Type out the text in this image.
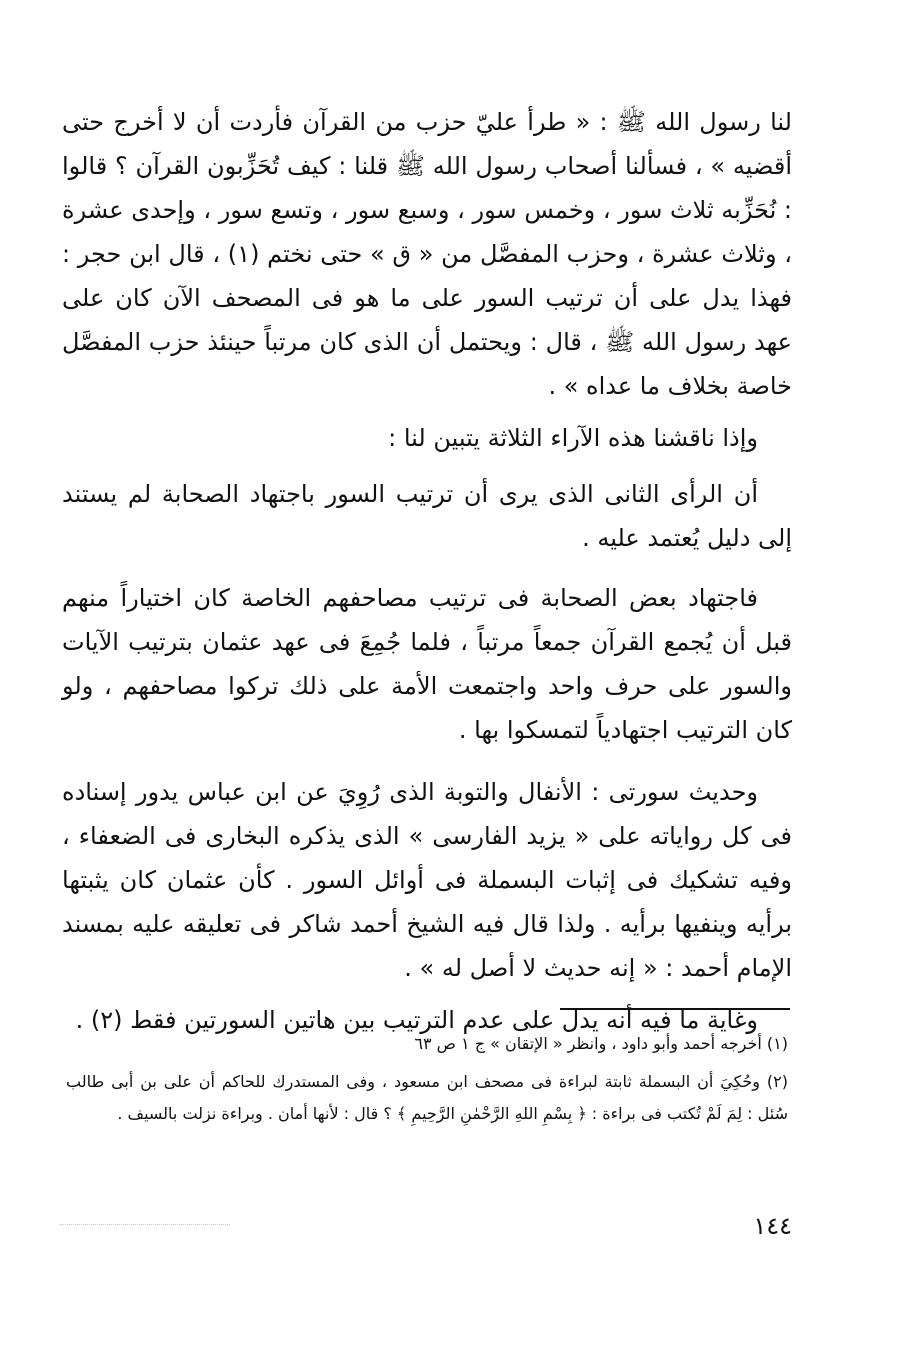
لنا رسول الله ﷺ : « طرأ عليّ حزب من القرآن فأردت أن لا أخرج حتى أقضيه » ، فسألنا أصحاب رسول الله ﷺ قلنا : كيف تُحَزِّبون القرآن ؟ قالوا : نُحَزِّبه ثلاث سور ، وخمس سور ، وسبع سور ، وتسع سور ، وإحدى عشرة ، وثلاث عشرة ، وحزب المفصَّل من « ق » حتى نختم (١) ، قال ابن حجر : فهذا يدل على أن ترتيب السور على ما هو فى المصحف الآن كان على عهد رسول الله ﷺ ، قال : ويحتمل أن الذى كان مرتباً حينئذ حزب المفصَّل خاصة بخلاف ما عداه » .

وإذا ناقشنا هذه الآراء الثلاثة يتبين لنا :

أن الرأى الثانى الذى يرى أن ترتيب السور باجتهاد الصحابة لم يستند إلى دليل يُعتمد عليه .

فاجتهاد بعض الصحابة فى ترتيب مصاحفهم الخاصة كان اختياراً منهم قبل أن يُجمع القرآن جمعاً مرتباً ، فلما جُمِعَ فى عهد عثمان بترتيب الآيات والسور على حرف واحد واجتمعت الأمة على ذلك تركوا مصاحفهم ، ولو كان الترتيب اجتهادياً لتمسكوا بها .

وحديث سورتى : الأنفال والتوبة الذى رُوِيَ عن ابن عباس يدور إسناده فى كل رواياته على « يزيد الفارسى » الذى يذكره البخارى فى الضعفاء ، وفيه تشكيك فى إثبات البسملة فى أوائل السور . كأن عثمان كان يثبتها برأيه وينفيها برأيه . ولذا قال فيه الشيخ أحمد شاكر فى تعليقه عليه بمسند الإمام أحمد : « إنه حديث لا أصل له » .

وغاية ما فيه أنه يدل على عدم الترتيب بين هاتين السورتين فقط (٢) .

(١) أخرجه أحمد وأبو داود ، وانظر « الإتقان » ج ١ ص ٦٣

(٢) وحُكِيَ أن البسملة ثابتة لبراءة فى مصحف ابن مسعود ، وفى المستدرك للحاكم أن على بن أبى طالب سُئل : لِمَ لَمْ تُكتب فى براءة : ﴿ بِسْمِ اللهِ الرَّحْمٰنِ الرَّحِيمِ ﴾ ؟ قال : لأنها أمان . وبراءة نزلت بالسيف .

١٤٤
